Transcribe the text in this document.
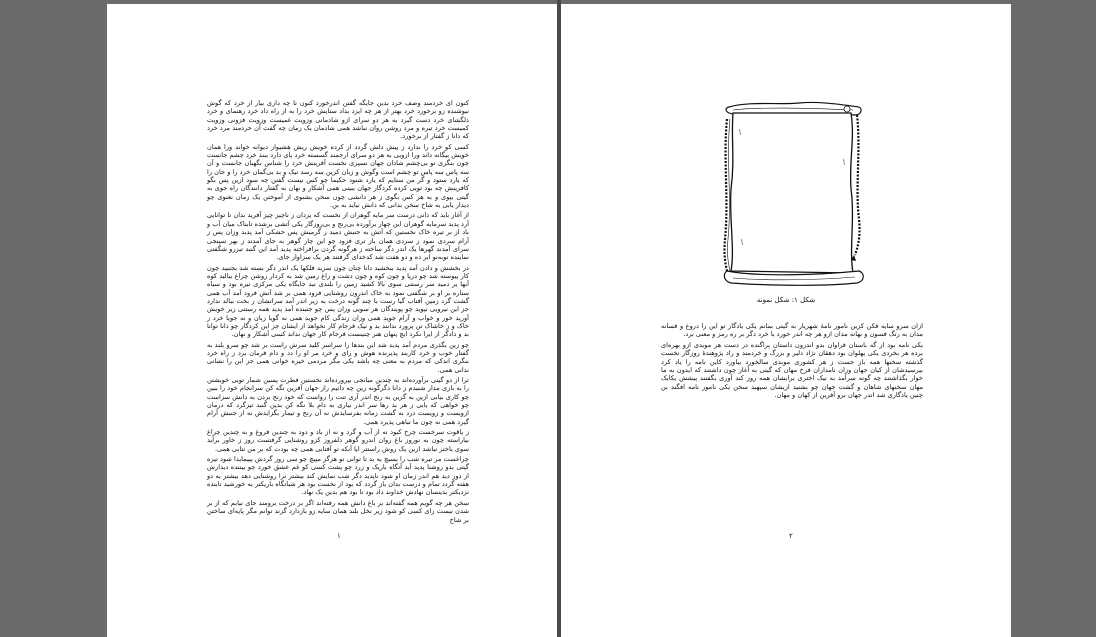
کنون ای خردمند وصف خرد بدین جایگه گفتن اندرخورد کنون تا چه داری بیار از خرد که گوش نیوشنده زو برخورد خرد بهتر از هر چه ایزد بداد ستایش خرد را به از راه داد خرد رهنمای و خرد دلگشای خرد دست گیرد به هر دو سرای ازو شادمانی وزویت غمیست وزویت فزونی وزویت کمیست خرد تیره و مرد روشن روان نباشد همی شادمان یک زمان چه گفت آن خردمند مرد خرد که دانا ز گفتار از برخورد.

کسی کو خرد را ندارد ز پیش دلش گردد از کرده خویش ریش هشیوار دیوانه خواند ورا همان خویش بیگانه داند ورا ازویی به هر دو سرای ارجمند گسسته خرد پای دارد ببند خرد چشم جانست چون بنگری تو بی‌چشم شادان جهان نسپری نخست آفرینش خرد را شناس نگهبان جانست و آن سه پاس سه پاس تو چشم است وگوش و زبان کزین سه رسد نیک و بد بی‌گمان خرد را و جان را که یارد ستود و گر من ستایم که یارد شنود حکیما چو کس نیست گفتن چه سود ازین پس بگو کافرینش چه بود تویی کرده کردگار جهان ببینی همی آشکار و نهان به گفتار دانندگان راه جوی به گیتی بپوی و به هر کس بگوی ز هر دانشی چون سخن بشنوی از آموختن یک زمان نغنوی چو دیدار یابی به شاخ سخن بدانی که دانش نیاید به بن.

از آغاز باید که دانی درست سر مایه گوهران از نخست که یزدان ز ناچیز چیز آفرید بدان تا توانایی آرد پدید سرمایه گوهران این چهار برآورده بی‌رنج و بی‌روزگار یکی آتشی برشده تابناک میان آب و باد از بر تیره خاک نخستین که آتش به جنبش دمید ز گرمیش پس خشکی آمد پدید وزان پس ز آرام سردی نمود ز سردی همان باز تری فزود چو این چار گوهر به جای آمدند ز بهر سپنجی سرای آمدند گهرها یک اندر دگر ساخته ز هرگونه گردن برافراخته پدید آمد این گنبد تیزرو شگفتی نماینده نوبه‌نو ابر ده و دو هفت شد کدخدای گرفتند هر یک سزاوار جای.

در بخشش و دادن آمد پدید ببخشید دانا چنان چون سزید فلکها یک اندر دگر بسته شد بجنبید چون کار پیوسته شد چو دریا و چون کوه و چون دشت و راغ زمین شد به کردار روشن چراغ ببالید کوه آبها بر دمید سر رستنی سوی بالا کشید زمین را بلندی نبد جایگاه یکی مرکزی تیره بود و سیاه ستاره بر او بر شگفتی نمود به خاک اندرون روشنایی فزود همی بر شد آتش فرود آمد آب همی گشت گرد زمین آفتاب گیا رست با چند گونه درخت به زیر اندر آمد سرانشان ز بخت ببالد ندارد جز این نیرویی نپوید چو پویندگان هر سویی وزان پس چو جنبنده آمد پدید همه رستنی زیر خویش آورید خور و خواب و آرام جوید همی وزان زندگی کام جوید همی نه گویا زبان و نه جویا خرد ز خاک و ز خاشاک تن پرورد ندانند بد و نیک فرجام کار نخواهد از ایشان جز این کردگار چو دانا توانا بد و دادگر از ایرا نکرد ایچ پنهان هنر چنینست فرجام کار جهان نداند کسی آشکار و نهان.

چو زین بگذری مردم آمد پدید شد این بندها را سراسر کلید سرش راست بر شد چو سرو بلند به گفتار خوب و خرد کاربند پذیرنده هوش و رای و خرد مر او را دد و دام فرمان برد ز راه خرد بنگری اندکی که مردم به معنی چه باشد یکی مگر مردمی خیره خوانی همی جز این را نشانی ندانی همی.

ترا از دو گیتی برآورده‌اند به چندین میانجی بپرورده‌اند نخستین فطرت پسین شمار تویی خویشتن را به بازی مدار شنیدم ز دانا دگرگونه زین چه دانیم راز جهان آفرین نگه کن سرانجام خود را ببین چو کاری بیابی ازین به گزین به رنج اندر آری تنت را رواست که خود رنج بردن به دانش سزاست چو خواهی که یابی ز هر بد رها سر اندر نیاری به دام بلا نگه کن بدین گنبد تیزگرد که درمان ازویست و زویست درد نه گشت زمانه بفرسایدش نه آن رنج و تیمار بگزایدش نه از جنبش آرام گیرد همی نه چون ما تباهی پذیرد همی.

ز یاقوت سرخست چرخ کبود نه از آب و گرد و نه از باد و دود به چندین فروغ و به چندین چراغ بیاراسته چون به نوروز باغ روان اندرو گوهر دلفروز کزو روشنایی گرفتست روز ز خاور برآید سوی باختر نباشد ازین یک روش راستتر ایا آنکه تو آفتابی همی چه بودت که بر من نتابی همی.

چراغست مر تیره شب را بسیچ به بد تا توانی تو هرگز مپیچ چو سی روز گردش بپیمایدا شود تیره گیتی بدو روشنا پدید آید آنگاه باریک و زرد چو پشت کسی کو غم عشق خورد چو بیننده دیدارش از دور دید هم اندر زمان او شود ناپدید دگر شب نمایش کند بیشتر ترا روشنایی دهد بیشتر به دو هفته گردد تمام و درست بدان باز گردد که بود از نخست بود هر شبانگاه باریکتر به خورشید تابنده نزدیکتر بدینسان نهادش خداوند داد بود تا بود هم بدین یک نهاد.

سخن هر چه گویم همه گفته‌اند بر باغ دانش همه رفته‌اند اگر بر درخت برومند جای نیابم که از بر شدن نیست رای کسی کو شود زیر نخل بلند همان سایه زو بازدارد گزند توانم مگر پایه‌ای ساختن بر شاخ

۱
شکل ۱: شکل نمونه

ازان سرو سایه فکن کزین نامور نامهٔ شهریار به گیتی بمانم یکی یادگار تو این را دروغ و فسانه مدان به رنگ فسون و بهانه مدان ازو هر چه اندر خورد با خرد دگر بر ره رمز و معنی برد.

یکی نامه بود از گه باستان فراوان بدو اندرون داستان پراگنده در دست هر موبدی ازو بهره‌ای برده هر بخردی یکی پهلوان بود دهقان نژاد دلیر و بزرگ و خردمند و راد پژوهندهٔ روزگار نخست گذشته سخنها همه باز جست ز هر کشوری موبدی سالخورد بیاورد کاین نامه را یاد کرد بپرسیدشان از کیان جهان وزان نامداران فرخ مهان که گیتی به آغاز چون داشتند که ایدون به ما خوار بگذاشتند چه گونه سرآمد به نیک اختری برایشان همه روز کند آوری بگفتند پیشش یکایک مهان سخنهای شاهان و گشت جهان چو بشنید ازیشان سپهبد سخن یکی نامور نامه افگند بن چنین یادگاری شد اندر جهان برو آفرین از کهان و مهان.

۲
